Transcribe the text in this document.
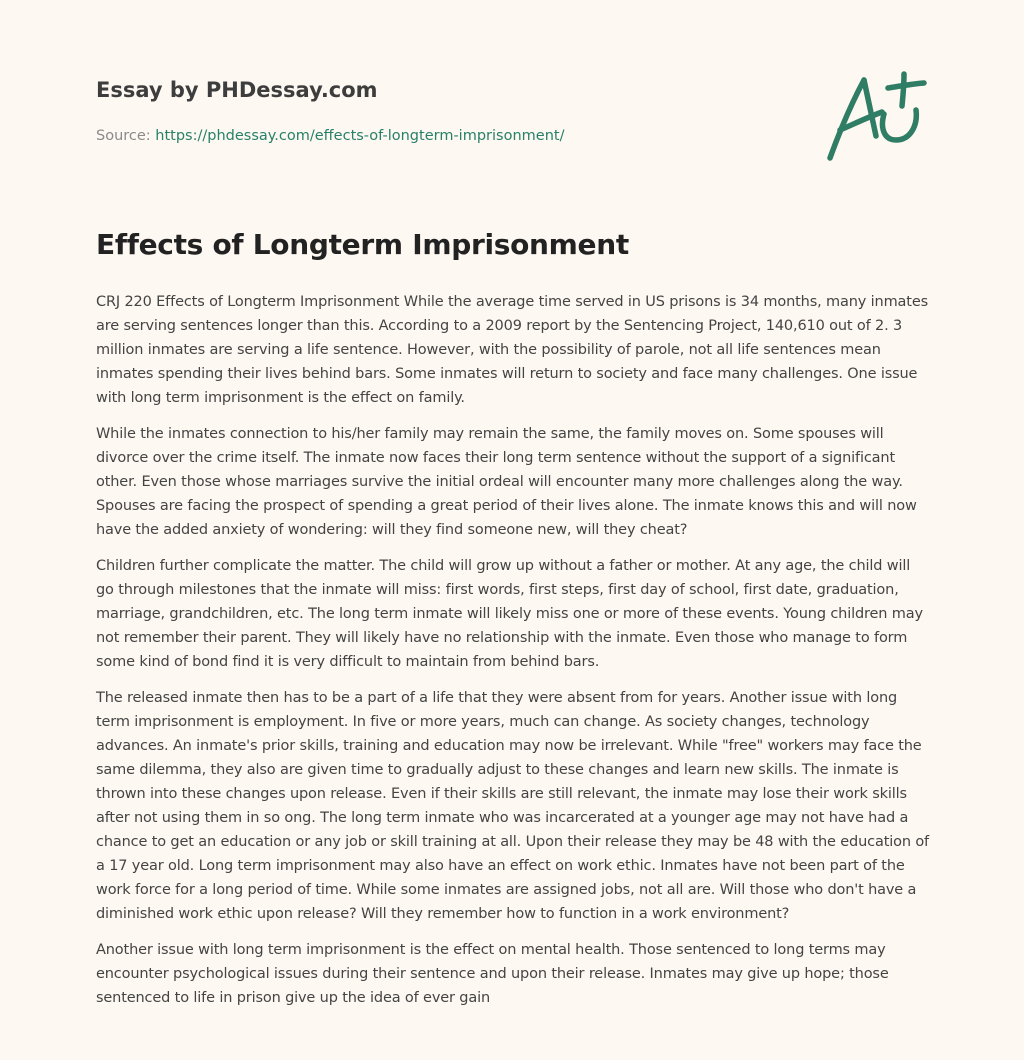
Essay by PHDessay.com
Source: https://phdessay.com/effects-of-longterm-imprisonment/
Effects of Longterm Imprisonment

CRJ 220 Effects of Longterm Imprisonment While the average time served in US prisons is 34 months, many inmates are serving sentences longer than this. According to a 2009 report by the Sentencing Project, 140,610 out of 2. 3 million inmates are serving a life sentence. However, with the possibility of parole, not all life sentences mean inmates spending their lives behind bars. Some inmates will return to society and face many challenges. One issue with long term imprisonment is the effect on family.

While the inmates connection to his/her family may remain the same, the family moves on. Some spouses will divorce over the crime itself. The inmate now faces their long term sentence without the support of a significant other. Even those whose marriages survive the initial ordeal will encounter many more challenges along the way. Spouses are facing the prospect of spending a great period of their lives alone. The inmate knows this and will now have the added anxiety of wondering: will they find someone new, will they cheat?

Children further complicate the matter. The child will grow up without a father or mother. At any age, the child will go through milestones that the inmate will miss: first words, first steps, first day of school, first date, graduation, marriage, grandchildren, etc. The long term inmate will likely miss one or more of these events. Young children may not remember their parent. They will likely have no relationship with the inmate. Even those who manage to form some kind of bond find it is very difficult to maintain from behind bars.

The released inmate then has to be a part of a life that they were absent from for years. Another issue with long term imprisonment is employment. In five or more years, much can change. As society changes, technology advances. An inmate's prior skills, training and education may now be irrelevant. While "free" workers may face the same dilemma, they also are given time to gradually adjust to these changes and learn new skills. The inmate is thrown into these changes upon release. Even if their skills are still relevant, the inmate may lose their work skills after not using them in so ong. The long term inmate who was incarcerated at a younger age may not have had a chance to get an education or any job or skill training at all. Upon their release they may be 48 with the education of a 17 year old. Long term imprisonment may also have an effect on work ethic. Inmates have not been part of the work force for a long period of time. While some inmates are assigned jobs, not all are. Will those who don't have a diminished work ethic upon release? Will they remember how to function in a work environment?

Another issue with long term imprisonment is the effect on mental health. Those sentenced to long terms may encounter psychological issues during their sentence and upon their release. Inmates may give up hope; those sentenced to life in prison give up the idea of ever gain
